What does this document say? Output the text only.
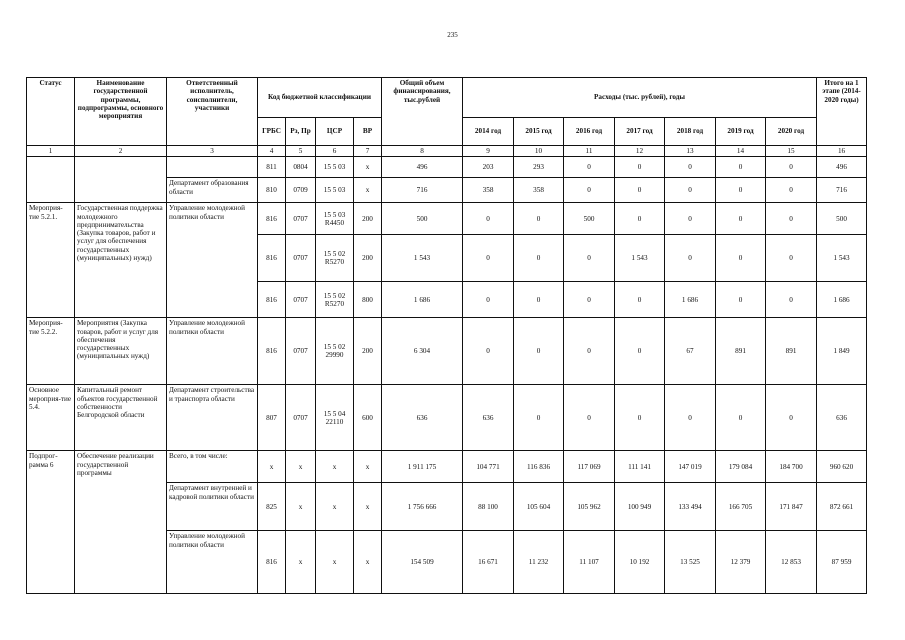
235
Статус	Наименование государственной программы, подпрограммы, основного мероприятия	Ответственный исполнитель, соисполнители, участники	Код бюджетной классификации				Общий объем финансирования, тыс.рублей	Расходы (тыс. рублей), годы							Итого на 1 этапе (2014-2020 годы)
			ГРБС	Рз, Пр	ЦСР	ВР		2014 год	2015 год	2016 год	2017 год	2018 год	2019 год	2020 год	
1	2	3	4	5	6	7	8	9	10	11	12	13	14	15	16
			811	0804	15 5 03	х	496	203	293	0	0	0	0	0	496
		Департамент образования области	810	0709	15 5 03	х	716	358	358	0	0	0	0	0	716
Мероприя-тие 5.2.1.	Государственная поддержка молодежного предпринимательства (Закупка товаров, работ и услуг для обеспечения государственных (муниципальных) нужд)	Управление молодежной политики области	816	0707	15 5 03 R4450	200	500	0	0	500	0	0	0	0	500
			816	0707	15 5 02 R5270	200	1 543	0	0	0	1 543	0	0	0	1 543
			816	0707	15 5 02 R5270	800	1 686	0	0	0	0	1 686	0	0	1 686
Мероприя-тие 5.2.2.	Мероприятия (Закупка товаров, работ и услуг для обеспечения государственных (муниципальных нужд)	Управление молодежной политики области	816	0707	15 5 02 29990	200	6 304	0	0	0	0	67	891	891	1 849
Основное мероприя-тие 5.4.	Капитальный ремонт объектов государственной собственности Белгородской области	Департамент строительства и транспорта области	807	0707	15 5 04 22110	600	636	636	0	0	0	0	0	0	636
Подпрог-рамма 6	Обеспечение реализации государственной программы	Всего, в том числе:	х	х	х	х	1 911 175	104 771	116 836	117 069	111 141	147 019	179 084	184 700	960 620
		Департамент внутренней и кадровой политики области	825	х	х	х	1 756 666	88 100	105 604	105 962	100 949	133 494	166 705	171 847	872 661
		Управление молодежной политики области	816	х	х	х	154 509	16 671	11 232	11 107	10 192	13 525	12 379	12 853	87 959
